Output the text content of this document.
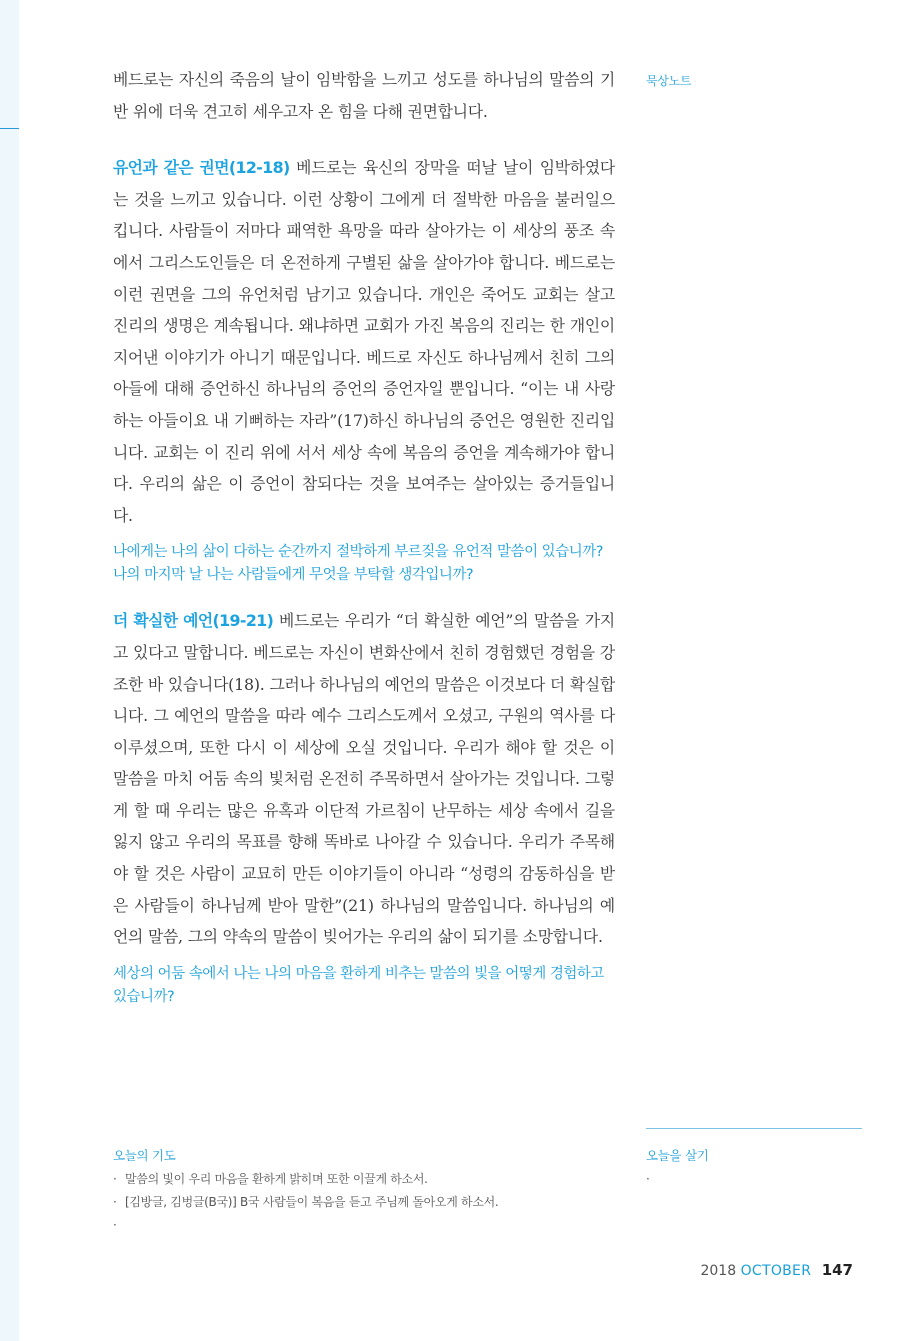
묵상노트

베드로는 자신의 죽음의 날이 임박함을 느끼고 성도를 하나님의 말씀의 기반 위에 더욱 견고히 세우고자 온 힘을 다해 권면합니다.

유언과 같은 권면(12-18) 베드로는 육신의 장막을 떠날 날이 임박하였다는 것을 느끼고 있습니다. 이런 상황이 그에게 더 절박한 마음을 불러일으킵니다. 사람들이 저마다 패역한 욕망을 따라 살아가는 이 세상의 풍조 속에서 그리스도인들은 더 온전하게 구별된 삶을 살아가야 합니다. 베드로는 이런 권면을 그의 유언처럼 남기고 있습니다. 개인은 죽어도 교회는 살고 진리의 생명은 계속됩니다. 왜냐하면 교회가 가진 복음의 진리는 한 개인이 지어낸 이야기가 아니기 때문입니다. 베드로 자신도 하나님께서 친히 그의 아들에 대해 증언하신 하나님의 증언의 증언자일 뿐입니다. “이는 내 사랑하는 아들이요 내 기뻐하는 자라”(17)하신 하나님의 증언은 영원한 진리입니다. 교회는 이 진리 위에 서서 세상 속에 복음의 증언을 계속해가야 합니다. 우리의 삶은 이 증언이 참되다는 것을 보여주는 살아있는 증거들입니다.

나에게는 나의 삶이 다하는 순간까지 절박하게 부르짖을 유언적 말씀이 있습니까? 나의 마지막 날 나는 사람들에게 무엇을 부탁할 생각입니까?

더 확실한 예언(19-21) 베드로는 우리가 “더 확실한 예언”의 말씀을 가지고 있다고 말합니다. 베드로는 자신이 변화산에서 친히 경험했던 경험을 강조한 바 있습니다(18). 그러나 하나님의 예언의 말씀은 이것보다 더 확실합니다. 그 예언의 말씀을 따라 예수 그리스도께서 오셨고, 구원의 역사를 다 이루셨으며, 또한 다시 이 세상에 오실 것입니다. 우리가 해야 할 것은 이 말씀을 마치 어둠 속의 빛처럼 온전히 주목하면서 살아가는 것입니다. 그렇게 할 때 우리는 많은 유혹과 이단적 가르침이 난무하는 세상 속에서 길을 잃지 않고 우리의 목표를 향해 똑바로 나아갈 수 있습니다. 우리가 주목해야 할 것은 사람이 교묘히 만든 이야기들이 아니라 “성령의 감동하심을 받은 사람들이 하나님께 받아 말한”(21) 하나님의 말씀입니다. 하나님의 예언의 말씀, 그의 약속의 말씀이 빚어가는 우리의 삶이 되기를 소망합니다.

세상의 어둠 속에서 나는 나의 마음을 환하게 비추는 말씀의 빛을 어떻게 경험하고 있습니까?

오늘의 기도
· 말씀의 빛이 우리 마음을 환하게 밝히며 또한 이끌게 하소서.
· [김방글, 김벙글(B국)] B국 사람들이 복음을 듣고 주님께 돌아오게 하소서.
·
오늘을 살기
·
2018 OCTOBER 147
